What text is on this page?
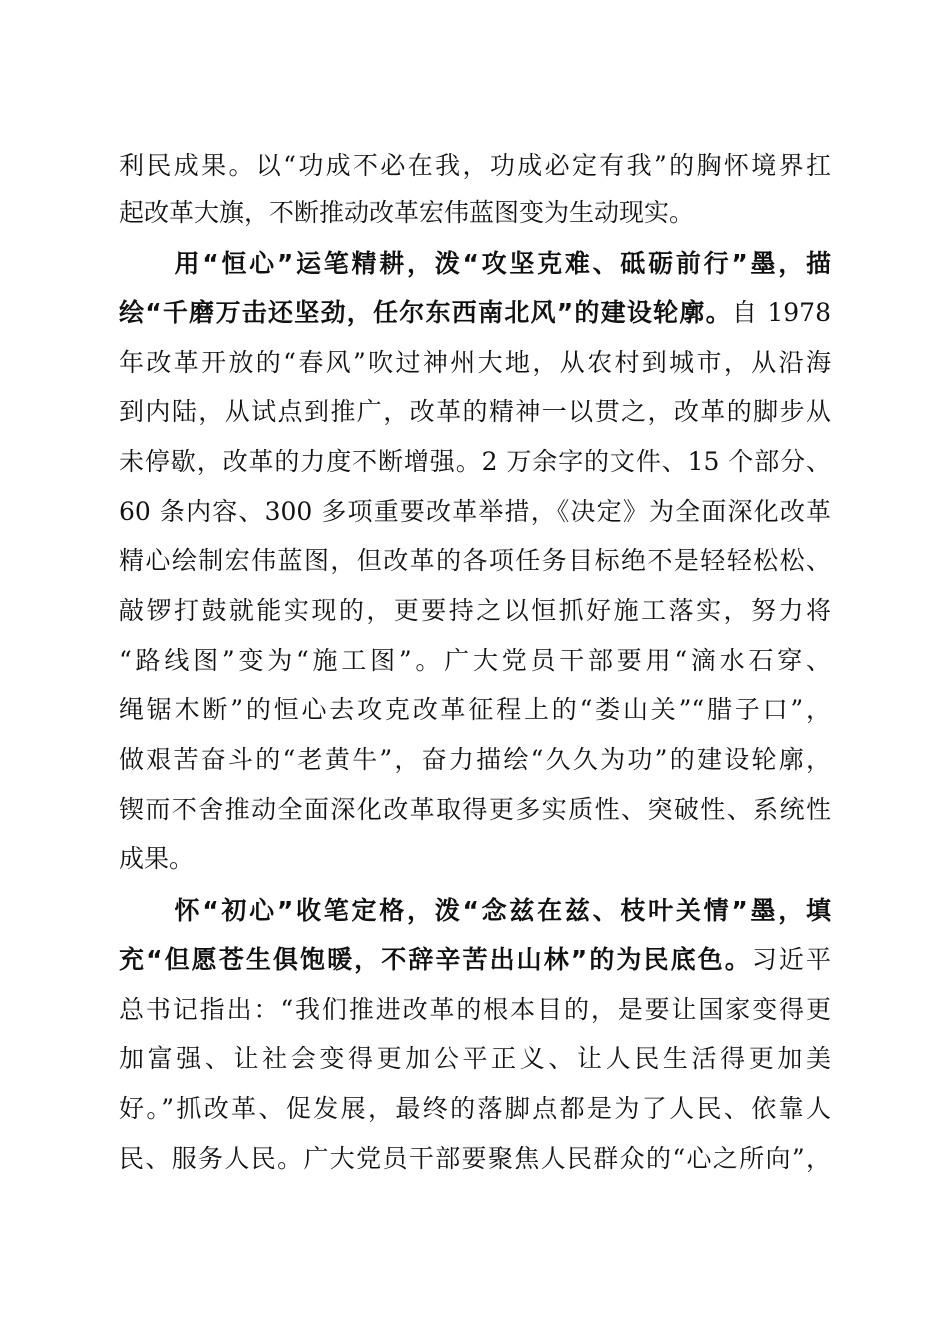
利民成果。以“功成不必在我，功成必定有我”的胸怀境界扛
起改革大旗，不断推动改革宏伟蓝图变为生动现实。
　　用“恒心”运笔精耕，泼“攻坚克难、砥砺前行”墨，描
绘“千磨万击还坚劲，任尔东西南北风”的建设轮廓。自 1978
年改革开放的“春风”吹过神州大地，从农村到城市，从沿海
到内陆，从试点到推广，改革的精神一以贯之，改革的脚步从
未停歇，改革的力度不断增强。2 万余字的文件、15 个部分、
60 条内容、300 多项重要改革举措，《决定》为全面深化改革
精心绘制宏伟蓝图，但改革的各项任务目标绝不是轻轻松松、
敲锣打鼓就能实现的，更要持之以恒抓好施工落实，努力将
“路线图”变为“施工图”。广大党员干部要用“滴水石穿、
绳锯木断”的恒心去攻克改革征程上的“娄山关”“腊子口”，
做艰苦奋斗的“老黄牛”，奋力描绘“久久为功”的建设轮廓，
锲而不舍推动全面深化改革取得更多实质性、突破性、系统性
成果。
　　怀“初心”收笔定格，泼“念兹在兹、枝叶关情”墨，填
充“但愿苍生俱饱暖，不辞辛苦出山林”的为民底色。习近平
总书记指出：“我们推进改革的根本目的，是要让国家变得更
加富强、让社会变得更加公平正义、让人民生活得更加美
好。”抓改革、促发展，最终的落脚点都是为了人民、依靠人
民、服务人民。广大党员干部要聚焦人民群众的“心之所向”，
